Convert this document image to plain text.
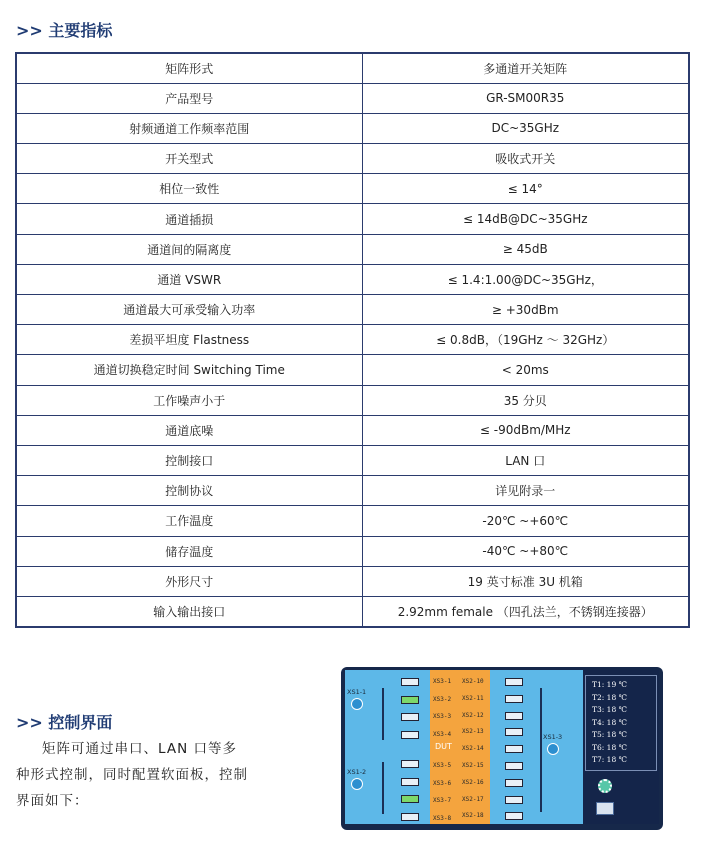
>> 主要指标
矩阵形式	多通道开关矩阵
产品型号	GR-SM00R35
射频通道工作频率范围	DC~35GHz
开关型式	吸收式开关
相位一致性	≤ 14°
通道插损	≤ 14dB@DC~35GHz
通道间的隔离度	≥ 45dB
通道 VSWR	≤ 1.4:1.00@DC~35GHz，
通道最大可承受输入功率	≥ +30dBm
差损平坦度 Flastness	≤ 0.8dB，（19GHz ～ 32GHz）
通道切换稳定时间 Switching Time	< 20ms
工作噪声小于	35 分贝
通道底噪	≤ -90dBm/MHz
控制接口	LAN 口
控制协议	详见附录一
工作温度	-20℃ ~+60℃
储存温度	-40℃ ~+80℃
外形尺寸	19 英寸标准 3U 机箱
输入输出接口	2.92mm female （四孔法兰，不锈钢连接器）
>> 控制界面
矩阵可通过串口、LAN 口等多种形式控制，同时配置软面板，控制界面如下：
XS3-1
XS3-2
XS3-3
XS3-4
XS3-5
XS3-6
XS3-7
XS3-8
XS2-10
XS2-11
XS2-12
XS2-13
XS2-14
XS2-15
XS2-16
XS2-17
XS2-18
DUT
XS1-1
XS1-2
XS1-3
T1: 19 ℃
T2: 18 ℃
T3: 18 ℃
T4: 18 ℃
T5: 18 ℃
T6: 18 ℃
T7: 18 ℃
